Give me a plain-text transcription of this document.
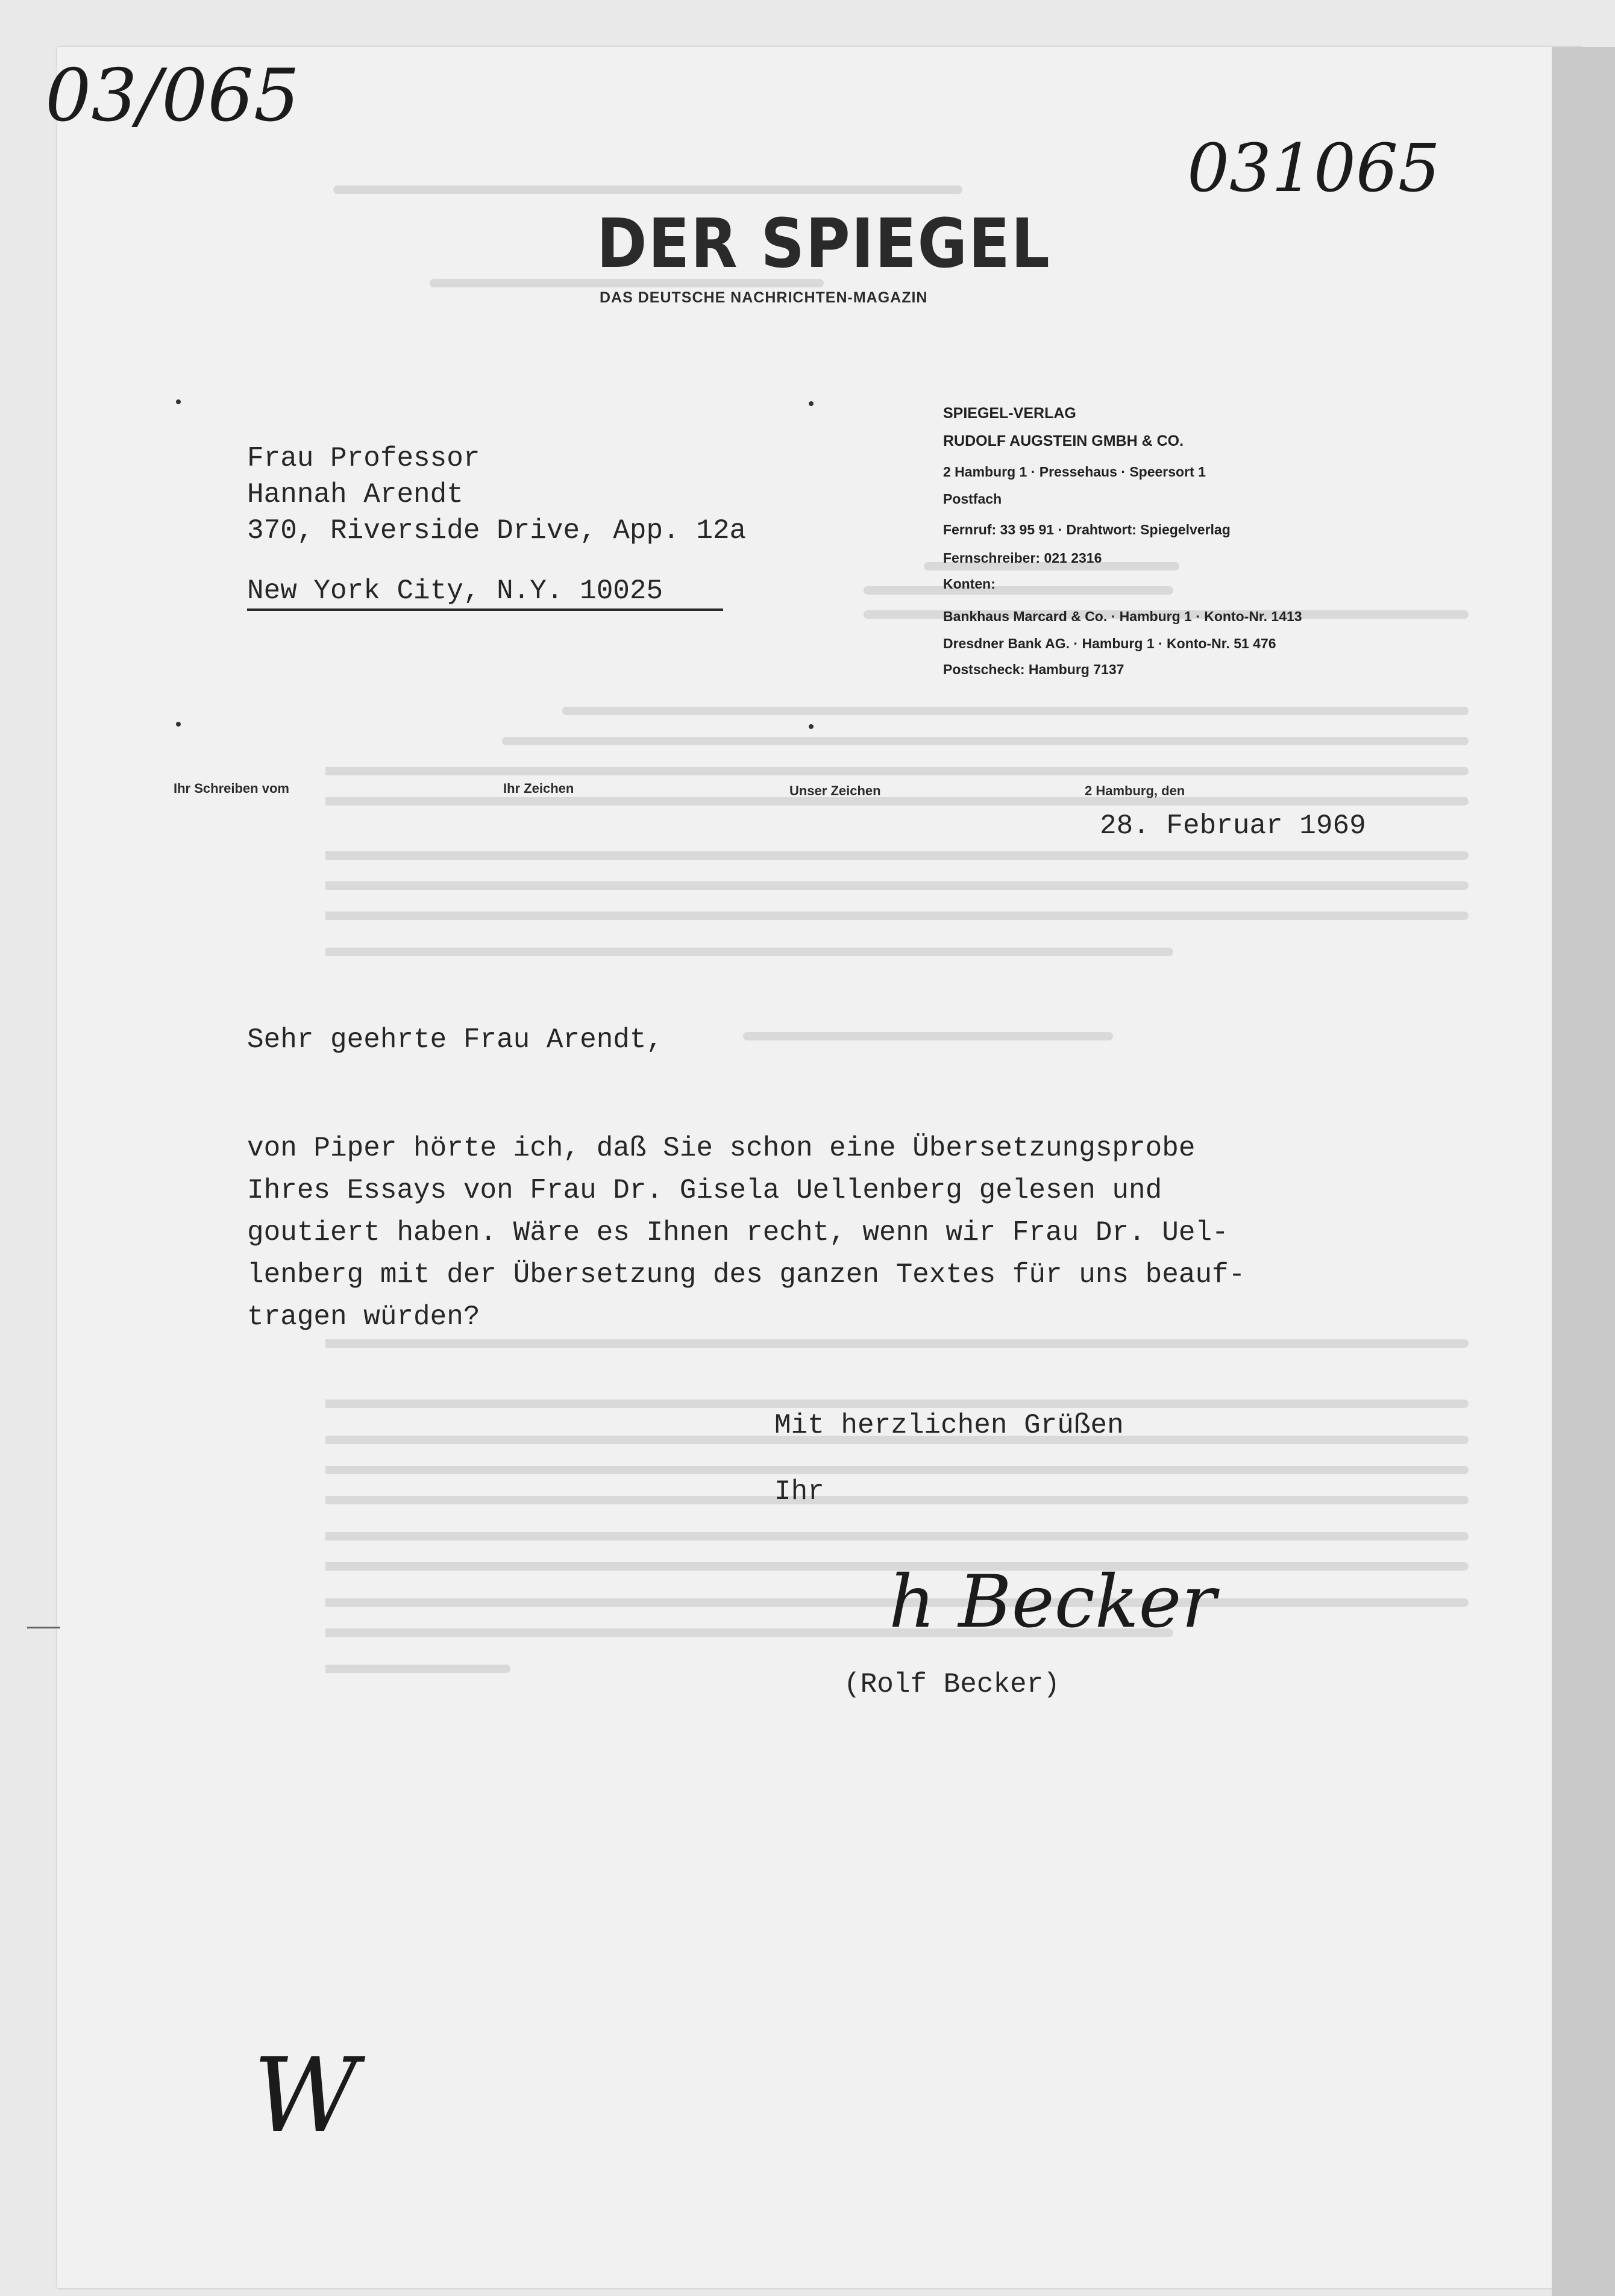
03/065
031065
DER SPIEGEL
DAS DEUTSCHE NACHRICHTEN-MAGAZIN
SPIEGEL-VERLAG
RUDOLF AUGSTEIN GMBH & CO.
2 Hamburg 1 · Pressehaus · Speersort 1
Postfach
Fernruf: 33 95 91 · Drahtwort: Spiegelverlag
Fernschreiber: 021 2316
Konten:
Bankhaus Marcard & Co. · Hamburg 1 · Konto-Nr. 1413
Dresdner Bank AG. · Hamburg 1 · Konto-Nr. 51 476
Postscheck: Hamburg 7137
Frau Professor
Hannah Arendt
370, Riverside Drive, App. 12a
New York City, N.Y. 10025
Ihr Schreiben vom	Ihr Zeichen	Unser Zeichen	2 Hamburg, den
28. Februar 1969
Sehr geehrte Frau Arendt,
von Piper hörte ich, daß Sie schon eine Übersetzungsprobe
Ihres Essays von Frau Dr. Gisela Uellenberg gelesen und
goutiert haben. Wäre es Ihnen recht, wenn wir Frau Dr. Uel-
lenberg mit der Übersetzung des ganzen Textes für uns beauf-
tragen würden?
Mit herzlichen Grüßen
Ihr
h Becker
(Rolf Becker)
W
